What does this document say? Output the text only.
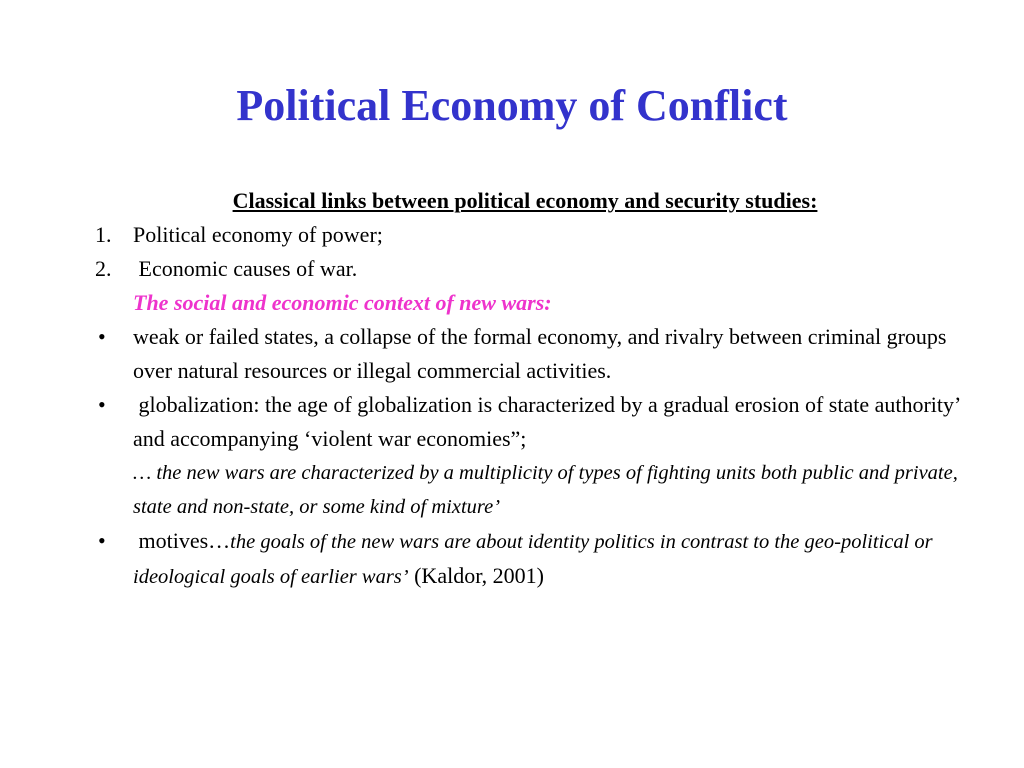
Political Economy of Conflict
Classical links between political economy and security studies:
1. Political economy of power;
2. Economic causes of war.
The social and economic context of new wars:
• weak or failed states, a collapse of the formal economy, and rivalry between criminal groups over natural resources or illegal commercial activities.
• globalization: the age of globalization is characterized by a gradual erosion of state authority’ and accompanying ‘violent war economies”;
… the new wars are characterized by a multiplicity of types of fighting units both public and private, state and non-state, or some kind of mixture’
• motives…the goals of the new wars are about identity politics in contrast to the geo-political or ideological goals of earlier wars’ (Kaldor, 2001)
